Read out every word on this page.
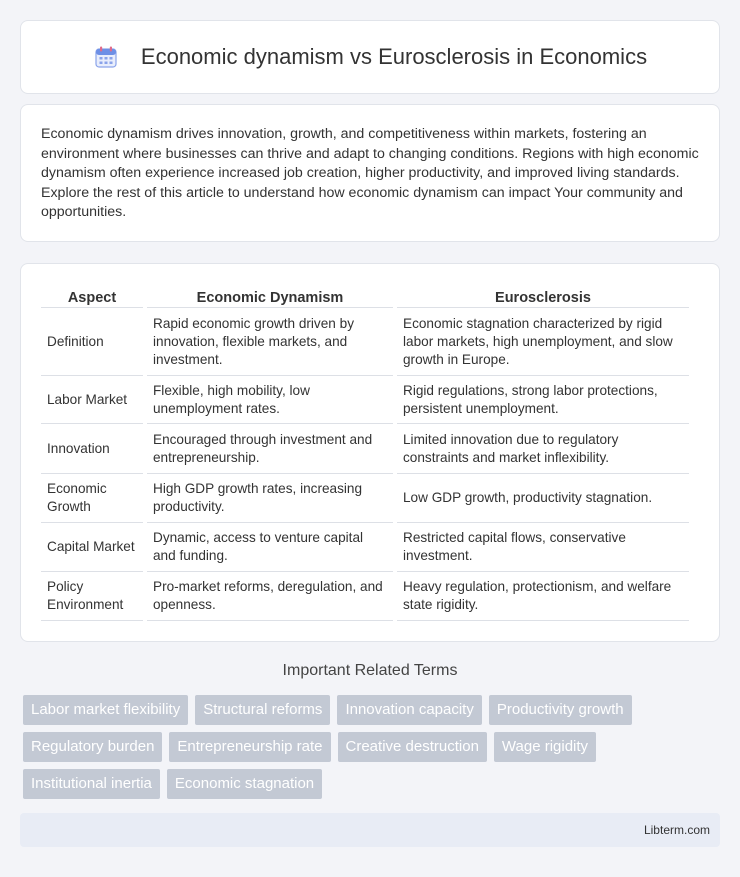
Economic dynamism vs Eurosclerosis in Economics

Economic dynamism drives innovation, growth, and competitiveness within markets, fostering an environment where businesses can thrive and adapt to changing conditions. Regions with high economic dynamism often experience increased job creation, higher productivity, and improved living standards. Explore the rest of this article to understand how economic dynamism can impact Your community and opportunities.

Aspect	Economic Dynamism	Eurosclerosis
Definition	Rapid economic growth driven by innovation, flexible markets, and investment.	Economic stagnation characterized by rigid labor markets, high unemployment, and slow growth in Europe.
Labor Market	Flexible, high mobility, low unemployment rates.	Rigid regulations, strong labor protections, persistent unemployment.
Innovation	Encouraged through investment and entrepreneurship.	Limited innovation due to regulatory constraints and market inflexibility.
Economic Growth	High GDP growth rates, increasing productivity.	Low GDP growth, productivity stagnation.
Capital Market	Dynamic, access to venture capital and funding.	Restricted capital flows, conservative investment.
Policy Environment	Pro-market reforms, deregulation, and openness.	Heavy regulation, protectionism, and welfare state rigidity.
Important Related Terms
Labor market flexibility	Structural reforms	Innovation capacity	Productivity growth
Regulatory burden	Entrepreneurship rate	Creative destruction	Wage rigidity
Institutional inertia	Economic stagnation
Libterm.com
